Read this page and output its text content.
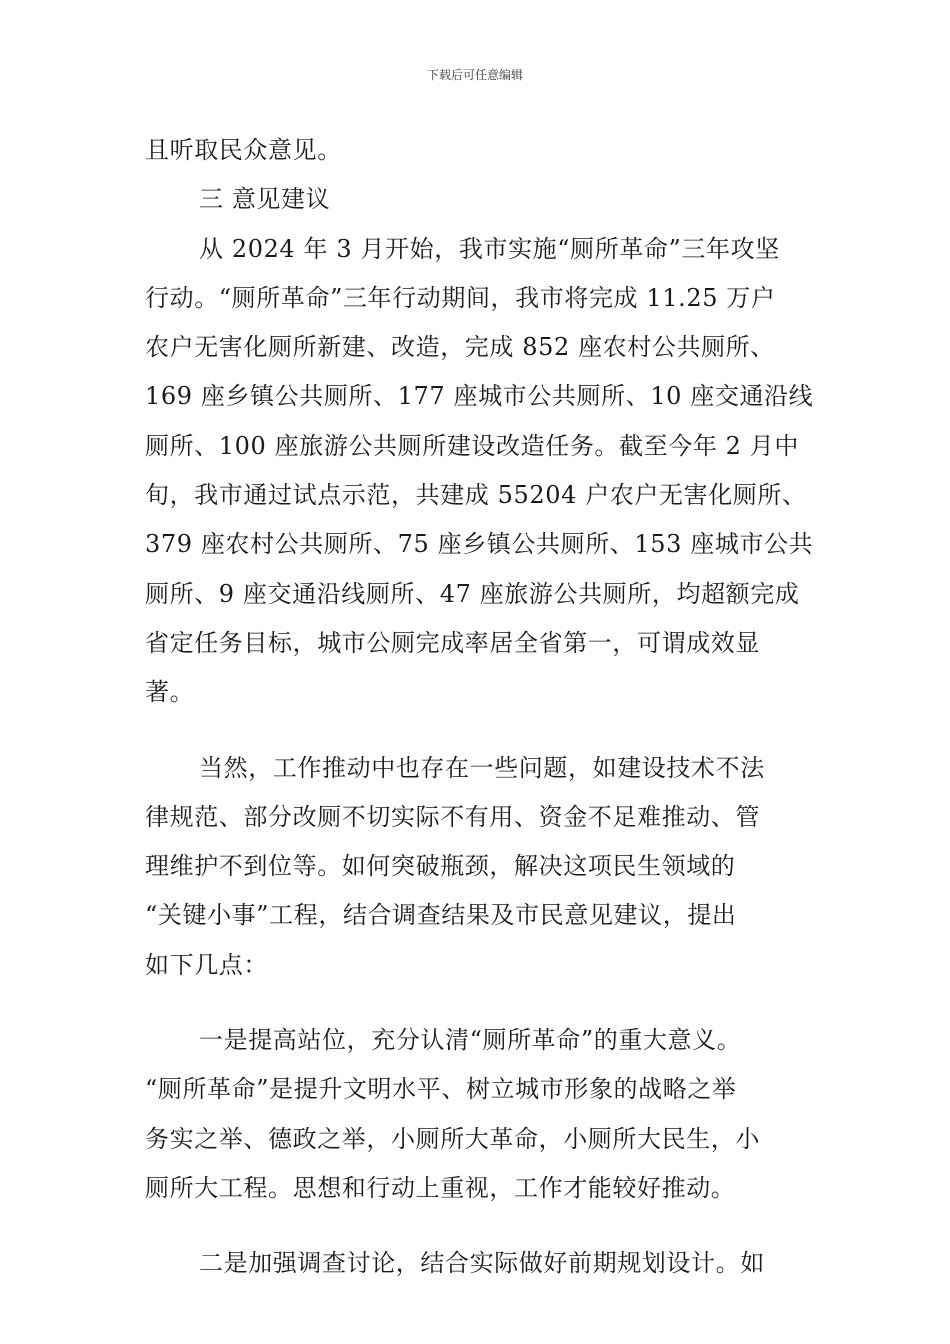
下载后可任意编辑
且听取民众意见。
三 意见建议
从 2024 年 3 月开始，我市实施“厕所革命”三年攻坚
行动。“厕所革命”三年行动期间，我市将完成 11.25 万户
农户无害化厕所新建、改造，完成 852 座农村公共厕所、
169 座乡镇公共厕所、177 座城市公共厕所、10 座交通沿线
厕所、100 座旅游公共厕所建设改造任务。截至今年 2 月中
旬，我市通过试点示范，共建成 55204 户农户无害化厕所、
379 座农村公共厕所、75 座乡镇公共厕所、153 座城市公共
厕所、9 座交通沿线厕所、47 座旅游公共厕所，均超额完成
省定任务目标，城市公厕完成率居全省第一，可谓成效显
著。
当然，工作推动中也存在一些问题，如建设技术不法
律规范、部分改厕不切实际不有用、资金不足难推动、管
理维护不到位等。如何突破瓶颈，解决这项民生领域的
“关键小事”工程，结合调查结果及市民意见建议，提出
如下几点：
一是提高站位，充分认清“厕所革命”的重大意义。
“厕所革命”是提升文明水平、树立城市形象的战略之举
务实之举、德政之举，小厕所大革命，小厕所大民生，小
厕所大工程。思想和行动上重视，工作才能较好推动。
二是加强调查讨论，结合实际做好前期规划设计。如
